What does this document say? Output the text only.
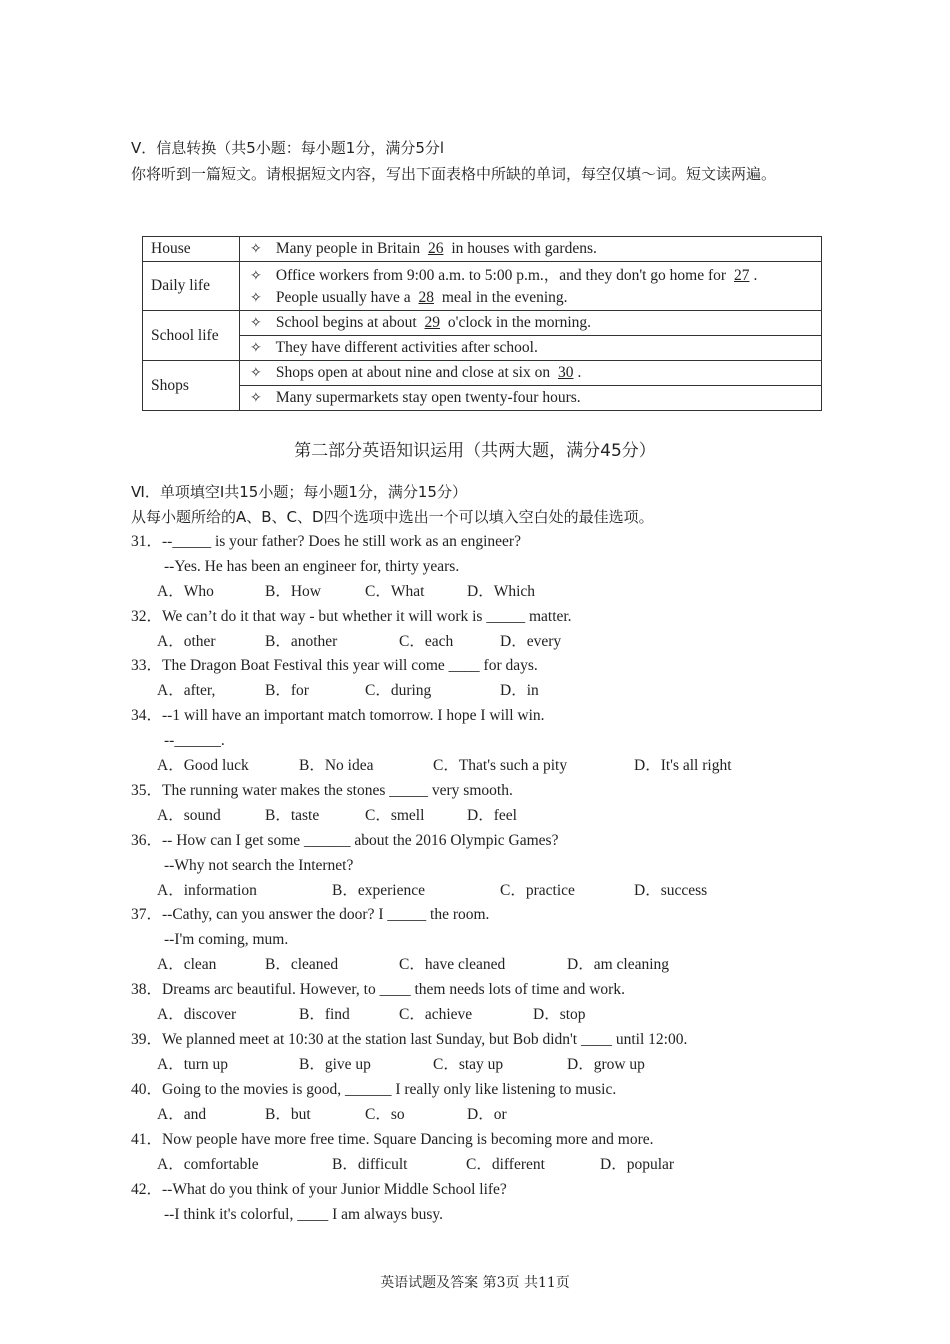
Ⅴ．信息转换（共5小题：每小题1分，满分5分l
你将听到一篇短文。请根据短文内容，写出下面表格中所缺的单词，每空仅填～词。短文读两遍。
House	✧ Many people in Britain 26 in houses with gardens.
Daily life	✧ Office workers from 9:00 a.m. to 5:00 p.m.，and they don't go home for 27 .
	✧ People usually have a 28 meal in the evening.
School life	✧ School begins at about 29 o'clock in the morning.
	✧ They have different activities after school.
Shops	✧ Shops open at about nine and close at six on 30 .
	✧ Many supermarkets stay open twenty-four hours.
第二部分英语知识运用（共两大题，满分45分）
Ⅵ．单项填空I共15小题；每小题1分，满分15分）
从每小题所给的A、B、C、D四个选项中选出一个可以填入空白处的最佳选项。
31．--_____ is your father? Does he still work as an engineer?
--Yes. He has been an engineer for, thirty years.
A．Who	B．How	C．What	D．Which
32．We can’t do it that way - but whether it will work is _____ matter.
A．other	B．another	C．each	D．every
33．The Dragon Boat Festival this year will come ____ for days.
A．after,	B．for	C．during	D．in
34．--1 will have an important match tomorrow. I hope I will win.
--______.
A．Good luck	B．No idea	C．That's such a pity	D．It's all right
35．The running water makes the stones _____ very smooth.
A．sound	B．taste	C．smell	D．feel
36．-- How can I get some ______ about the 2016 Olympic Games?
--Why not search the Internet?
A．information	B．experience	C．practice	D．success
37．--Cathy, can you answer the door? I _____ the room.
--I'm coming, mum.
A．clean	B．cleaned	C．have cleaned	D．am cleaning
38．Dreams arc beautiful. However, to ____ them needs lots of time and work.
A．discover	B．find	C．achieve	D．stop
39．We planned meet at 10:30 at the station last Sunday, but Bob didn't ____ until 12:00.
A．turn up	B．give up	C．stay up	D．grow up
40．Going to the movies is good, ______ I really only like listening to music.
A．and	B．but	C．so	D．or
41．Now people have more free time. Square Dancing is becoming more and more.
A．comfortable	B．difficult	C．different	D．popular
42．--What do you think of your Junior Middle School life?
--I think it's colorful, ____ I am always busy.
英语试题及答案 第3页 共11页
